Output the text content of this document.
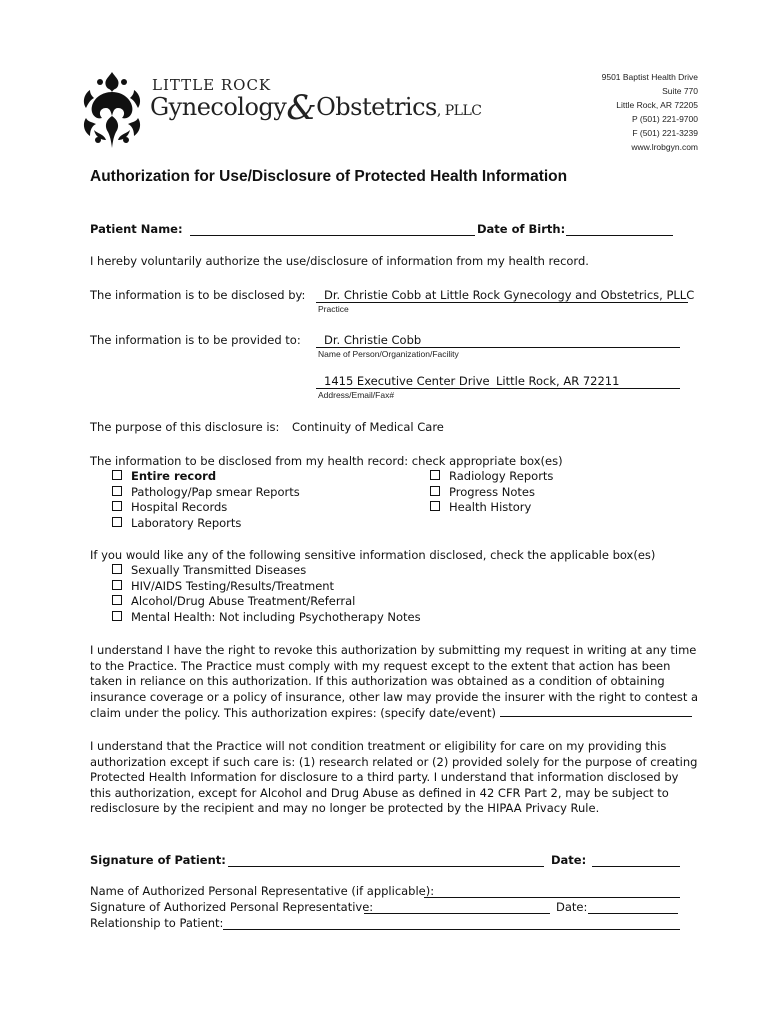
LITTLE ROCK
Gynecology&Obstetrics, PLLC
9501 Baptist Health Drive
Suite 770
Little Rock, AR 72205
P (501) 221-9700
F (501) 221-3239
www.lrobgyn.com
Authorization for Use/Disclosure of Protected Health Information
Patient Name:	Date of Birth:
I hereby voluntarily authorize the use/disclosure of information from my health record.
The information is to be disclosed by: Dr. Christie Cobb at Little Rock Gynecology and Obstetrics, PLLC
Practice
The information is to be provided to: Dr. Christie Cobb
Name of Person/Organization/Facility
1415 Executive Center Drive Little Rock, AR 72211
Address/Email/Fax#
The purpose of this disclosure is: Continuity of Medical Care
The information to be disclosed from my health record: check appropriate box(es)
Entire record
Pathology/Pap smear Reports
Hospital Records
Laboratory Reports
Radiology Reports
Progress Notes
Health History
If you would like any of the following sensitive information disclosed, check the applicable box(es)
Sexually Transmitted Diseases
HIV/AIDS Testing/Results/Treatment
Alcohol/Drug Abuse Treatment/Referral
Mental Health: Not including Psychotherapy Notes
I understand I have the right to revoke this authorization by submitting my request in writing at any time
to the Practice. The Practice must comply with my request except to the extent that action has been
taken in reliance on this authorization. If this authorization was obtained as a condition of obtaining
insurance coverage or a policy of insurance, other law may provide the insurer with the right to contest a
claim under the policy. This authorization expires: (specify date/event)
I understand that the Practice will not condition treatment or eligibility for care on my providing this
authorization except if such care is: (1) research related or (2) provided solely for the purpose of creating
Protected Health Information for disclosure to a third party. I understand that information disclosed by
this authorization, except for Alcohol and Drug Abuse as defined in 42 CFR Part 2, may be subject to
redisclosure by the recipient and may no longer be protected by the HIPAA Privacy Rule.
Signature of Patient:	Date:
Name of Authorized Personal Representative (if applicable):
Signature of Authorized Personal Representative:	Date:
Relationship to Patient:
